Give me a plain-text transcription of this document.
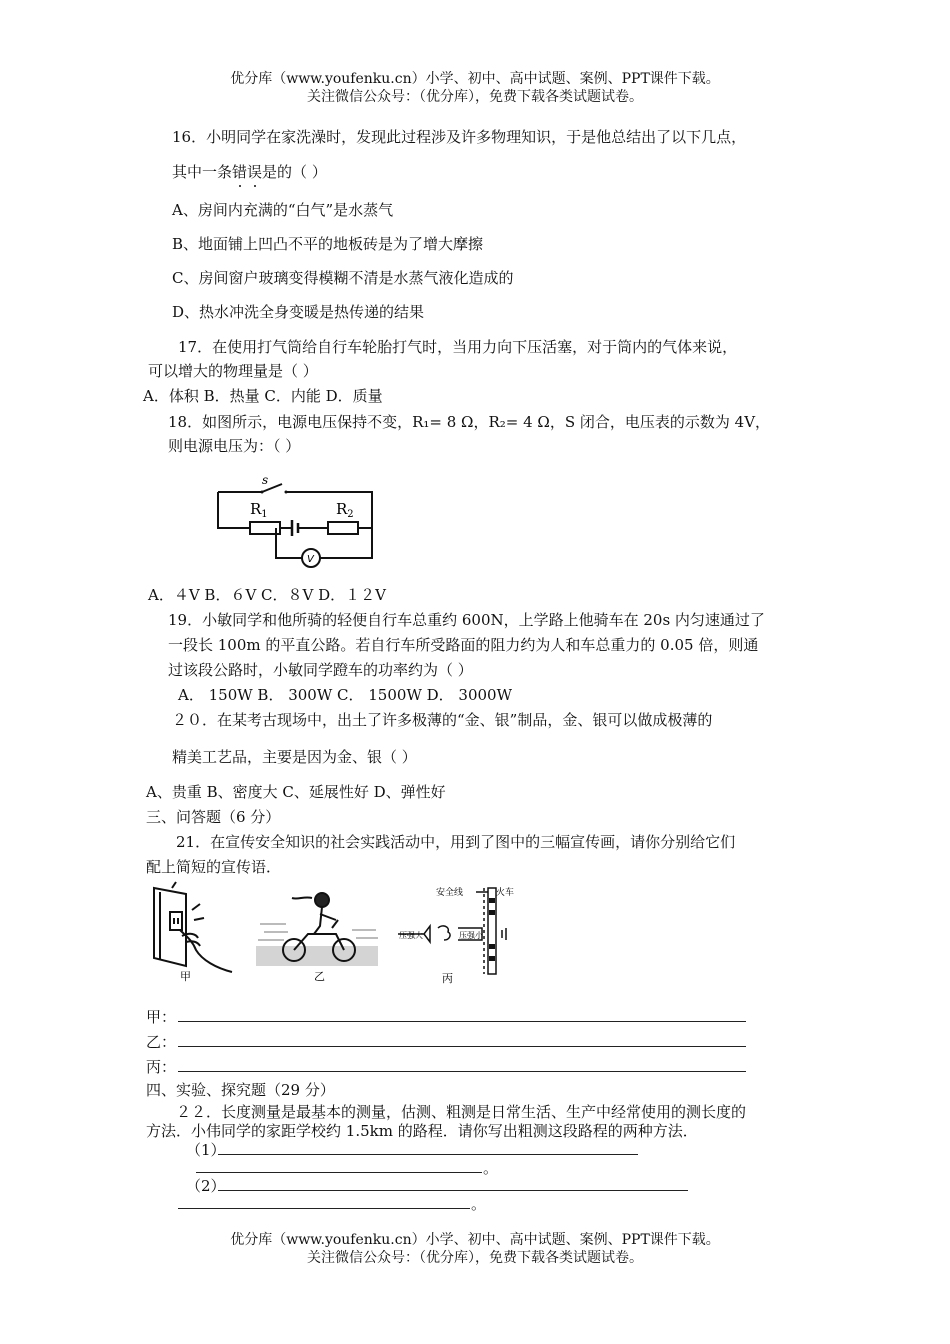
优分库（www.youfenku.cn）小学、初中、高中试题、案例、PPT课件下载。
关注微信公众号：（优分库），免费下载各类试题试卷。
16．小明同学在家洗澡时，发现此过程涉及许多物理知识，于是他总结出了以下几点，
其中一条错误是的（ ）
A、房间内充满的“白气”是水蒸气
B、地面铺上凹凸不平的地板砖是为了增大摩擦
C、房间窗户玻璃变得模糊不清是水蒸气液化造成的
D、热水冲洗全身变暖是热传递的结果
17．在使用打气筒给自行车轮胎打气时，当用力向下压活塞，对于筒内的气体来说，
可以增大的物理量是（ ）
A．体积 B．热量 C．内能 D．质量
18．如图所示，电源电压保持不变，R₁= 8 Ω，R₂= 4 Ω，S 闭合，电压表的示数为 4V，
则电源电压为：（ ）
s
$R_1$	$R_2$
V
A．４V B．６V C．８V D．１２V
19．小敏同学和他所骑的轻便自行车总重约 600N，上学路上他骑车在 20s 内匀速通过了
一段长 100m 的平直公路。若自行车所受路面的阻力约为人和车总重力的 0.05 倍，则通
过该段公路时，小敏同学蹬车的功率约为（ ）
A． 150W B． 300W C． 1500W D． 3000W
２０．在某考古现场中，出土了许多极薄的“金、银”制品，金、银可以做成极薄的
精美工艺品，主要是因为金、银（ ）
A、贵重 B、密度大 C、延展性好 D、弹性好
三、问答题（6 分）
21．在宣传安全知识的社会实践活动中，用到了图中的三幅宣传画，请你分别给它们
配上简短的宣传语．
甲	乙
安全线	火车
压强大	压强小
丙
甲：
乙：
丙：
四、实验、探究题（29 分）
２２．长度测量是最基本的测量，估测、粗测是日常生活、生产中经常使用的测长度的
方法．小伟同学的家距学校约 1.5km 的路程．请你写出粗测这段路程的两种方法．
（1）
。
（2）
。
优分库（www.youfenku.cn）小学、初中、高中试题、案例、PPT课件下载。
关注微信公众号：（优分库），免费下载各类试题试卷。
